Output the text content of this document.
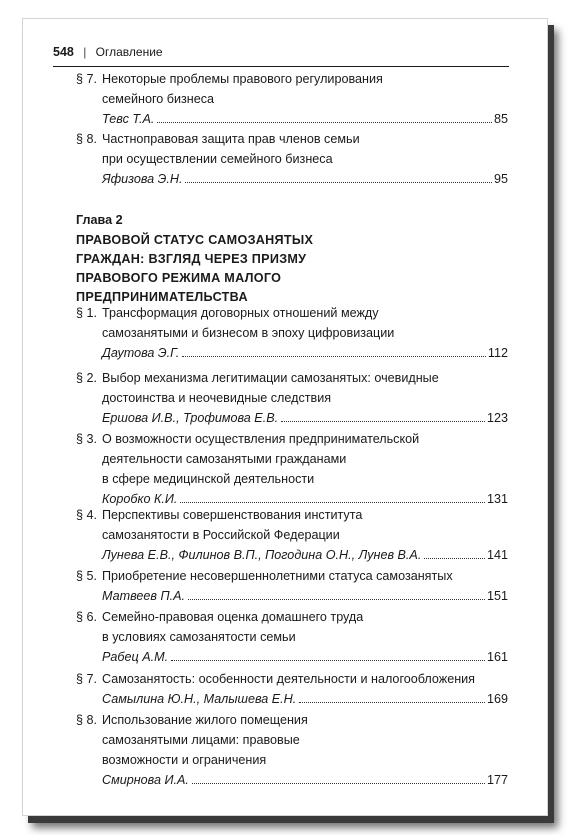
548 | Оглавление
§ 7. Некоторые проблемы правового регулирования
семейного бизнеса
Тевс Т.А.	85
§ 8. Частноправовая защита прав членов семьи
при осуществлении семейного бизнеса
Яфизова Э.Н.	95
Глава 2
ПРАВОВОЙ СТАТУС САМОЗАНЯТЫХ
ГРАЖДАН: ВЗГЛЯД ЧЕРЕЗ ПРИЗМУ
ПРАВОВОГО РЕЖИМА МАЛОГО
ПРЕДПРИНИМАТЕЛЬСТВА
§ 1. Трансформация договорных отношений между
самозанятыми и бизнесом в эпоху цифровизации
Даутова Э.Г.	112
§ 2. Выбор механизма легитимации самозанятых: очевидные
достоинства и неочевидные следствия
Ершова И.В., Трофимова Е.В.	123
§ 3. О возможности осуществления предпринимательской
деятельности самозанятыми гражданами
в сфере медицинской деятельности
Коробко К.И.	131
§ 4. Перспективы совершенствования института
самозанятости в Российской Федерации
Лунева Е.В., Филинов В.П., Погодина О.Н., Лунев В.А.	141
§ 5. Приобретение несовершеннолетними статуса самозанятых
Матвеев П.А.	151
§ 6. Семейно-правовая оценка домашнего труда
в условиях самозанятости семьи
Рабец А.М.	161
§ 7. Самозанятость: особенности деятельности и налогообложения
Самылина Ю.Н., Малышева Е.Н.	169
§ 8. Использование жилого помещения
самозанятыми лицами: правовые
возможности и ограничения
Смирнова И.А.	177
